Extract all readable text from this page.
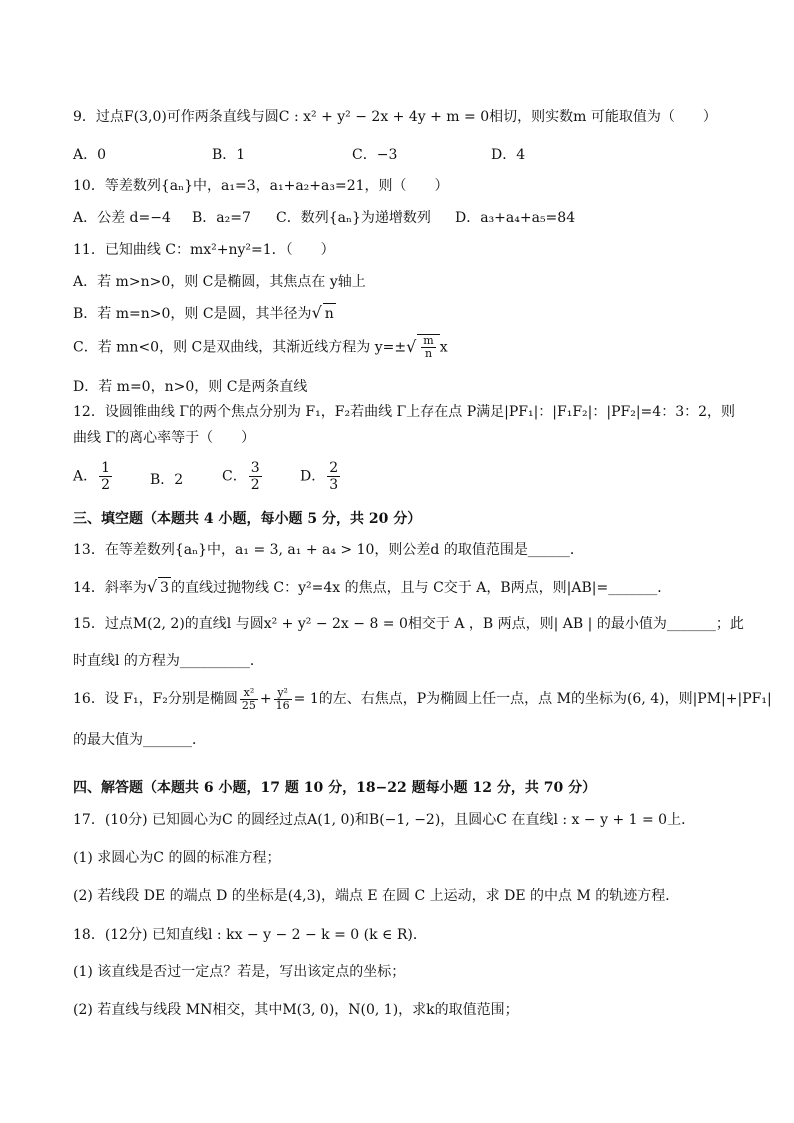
9．过点F(3,0)可作两条直线与圆C : x² + y² − 2x + 4y + m = 0相切，则实数m 可能取值为（　　）
A．0	B．1	C．−3	D．4
10．等差数列{aₙ}中，a₁=3，a₁+a₂+a₃=21，则（　　）
A．公差 d=−4 B．a₂=7 C．数列{aₙ}为递增数列 D．a₃+a₄+a₅=84
11．已知曲线 C：mx²+ny²=1．（　　）
A．若 m>n>0，则 C是椭圆，其焦点在 y轴上
B．若 m=n>0，则 C是圆，其半径为√ n
C．若 mn<0，则 C是双曲线，其渐近线方程为 $y=\pm√ \frac{m}{n}$ x
D．若 m=0，n>0，则 C是两条直线
12．设圆锥曲线 Γ的两个焦点分别为 F₁，F₂若曲线 Γ上存在点 P满足|PF₁|：|F₁F₂|：|PF₂|=4：3：2，则
曲线 Γ的离心率等于（　　）
A． $\frac{1}{2}$	B．2	C． $\frac{3}{2}$	D． $\frac{2}{3}$
三、填空题（本题共 4 小题，每小题 5 分，共 20 分）
13．在等差数列{aₙ}中，a₁ = 3, a₁ + a₄ > 10，则公差d 的取值范围是______．
14．斜率为√ 3 的直线过抛物线 C：y²=4x 的焦点，且与 C交于 A，B两点，则|AB|=_______．
15．过点M(2, 2)的直线l 与圆x² + y² − 2x − 8 = 0相交于 A ，B 两点，则| AB | 的最小值为_______；此
时直线l 的方程为__________．
16．设 F₁，F₂分别是椭圆 $\frac{\text{x²}}{25} + \frac{\text{y²}}{16} = 1$的左、右焦点，P为椭圆上任一点，点 M的坐标为(6, 4)，则|PM|+|PF₁|
的最大值为_______．
四、解答题（本题共 6 小题，17 题 10 分，18−22 题每小题 12 分，共 70 分）
17．(10分) 已知圆心为C 的圆经过点A(1, 0)和B(−1, −2)，且圆心C 在直线l : x − y + 1 = 0上．
(1) 求圆心为C 的圆的标准方程；
(2) 若线段 DE 的端点 D 的坐标是(4,3)，端点 E 在圆 C 上运动，求 DE 的中点 M 的轨迹方程．
18．(12分) 已知直线l : kx − y − 2 − k = 0 (k ∈ R)．
(1) 该直线是否过一定点？若是，写出该定点的坐标；
(2) 若直线与线段 MN相交，其中M(3, 0)，N(0, 1)，求k的取值范围；
